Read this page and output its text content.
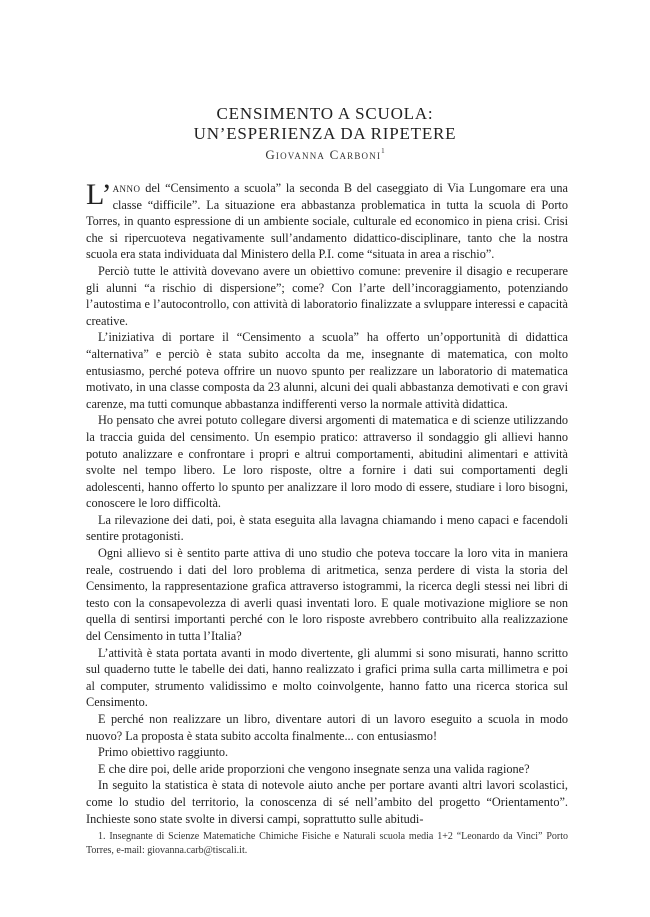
CENSIMENTO A SCUOLA:
UN’ESPERIENZA DA RIPETERE
Giovanna Carboni$^1$

L’ anno del “Censimento a scuola” la seconda B del caseggiato di Via Lungomare era una classe “difficile”. La situazione era abbastanza problematica in tutta la scuola di Porto Torres, in quanto espressione di un ambiente sociale, culturale ed economico in piena crisi. Crisi che si ripercuoteva negativamente sull’andamento didattico-disciplinare, tanto che la nostra scuola era stata individuata dal Ministero della P.I. come “situata in area a rischio”.

Perciò tutte le attività dovevano avere un obiettivo comune: prevenire il disagio e recuperare gli alunni “a rischio di dispersione”; come? Con l’arte dell’incoraggiamento, potenziando l’autostima e l’autocontrollo, con attività di laboratorio finalizzate a svluppare interessi e capacità creative.

L’iniziativa di portare il “Censimento a scuola” ha offerto un’opportunità di didattica “alternativa” e perciò è stata subito accolta da me, insegnante di matematica, con molto entusiasmo, perché poteva offrire un nuovo spunto per realizzare un laboratorio di matematica motivato, in una classe composta da 23 alunni, alcuni dei quali abbastanza demotivati e con gravi carenze, ma tutti comunque abbastanza indifferenti verso la normale attività didattica.

Ho pensato che avrei potuto collegare diversi argomenti di matematica e di scienze utilizzando la traccia guida del censimento. Un esempio pratico: attraverso il sondaggio gli allievi hanno potuto analizzare e confrontare i propri e altrui comportamenti, abitudini alimentari e attività svolte nel tempo libero. Le loro risposte, oltre a fornire i dati sui comportamenti degli adolescenti, hanno offerto lo spunto per analizzare il loro modo di essere, studiare i loro bisogni, conoscere le loro difficoltà.

La rilevazione dei dati, poi, è stata eseguita alla lavagna chiamando i meno capaci e facendoli sentire protagonisti.

Ogni allievo si è sentito parte attiva di uno studio che poteva toccare la loro vita in maniera reale, costruendo i dati del loro problema di aritmetica, senza perdere di vista la storia del Censimento, la rappresentazione grafica attraverso istogrammi, la ricerca degli stessi nei libri di testo con la consapevolezza di averli quasi inventati loro. E quale motivazione migliore se non quella di sentirsi importanti perché con le loro risposte avrebbero contribuito alla realizzazione del Censimento in tutta l’Italia?

L’attività è stata portata avanti in modo divertente, gli alummi si sono misurati, hanno scritto sul quaderno tutte le tabelle dei dati, hanno realizzato i grafici prima sulla carta millimetra e poi al computer, strumento validissimo e molto coinvolgente, hanno fatto una ricerca storica sul Censimento.

E perché non realizzare un libro, diventare autori di un lavoro eseguito a scuola in modo nuovo? La proposta è stata subito accolta finalmente... con entusiasmo!

Primo obiettivo raggiunto.

E che dire poi, delle aride proporzioni che vengono insegnate senza una valida ragione?

In seguito la statistica è stata di notevole aiuto anche per portare avanti altri lavori scolastici, come lo studio del territorio, la conoscenza di sé nell’ambito del progetto “Orientamento”. Inchieste sono state svolte in diversi campi, soprattutto sulle abitudi-

1. Insegnante di Scienze Matematiche Chimiche Fisiche e Naturali scuola media 1+2 “Leonardo da Vinci” Porto Torres, e-mail: giovanna.carb@tiscali.it.
